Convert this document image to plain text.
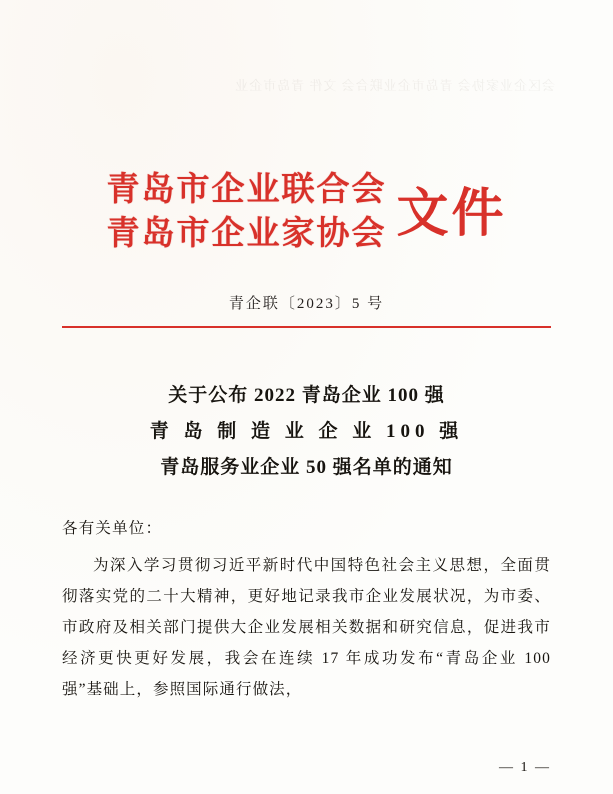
会区企业家协会 青岛市企业联合会 文件 青岛市企业
青岛市企业联合会
青岛市企业家协会 文件
青企联〔2023〕5 号
关于公布 2022 青岛企业 100 强
青 岛 制 造 业 企 业 100 强
青岛服务业企业 50 强名单的通知
各有关单位：
为深入学习贯彻习近平新时代中国特色社会主义思想，全面贯彻落实党的二十大精神，更好地记录我市企业发展状况，为市委、市政府及相关部门提供大企业发展相关数据和研究信息，促进我市经济更快更好发展，我会在连续 17 年成功发布“青岛企业 100 强”基础上，参照国际通行做法，
— 1 —
